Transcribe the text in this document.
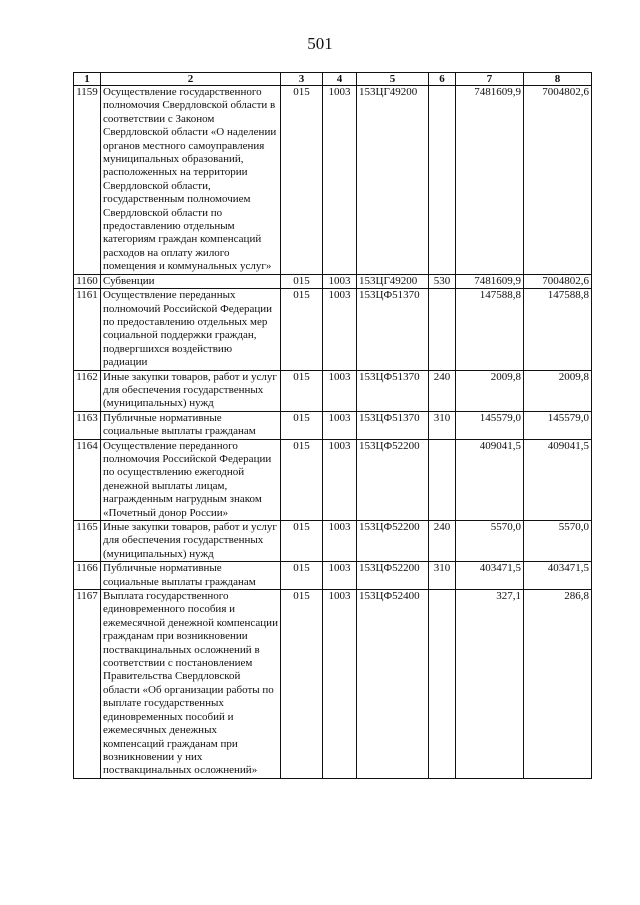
501
1	2	3	4	5	6	7	8
1159	Осуществление государственного полномочия Свердловской области в соответствии с Законом Свердловской области «О наделении органов местного самоуправления муниципальных образований, расположенных на территории Свердловской области, государственным полномочием Свердловской области по предоставлению отдельным категориям граждан компенсаций расходов на оплату жилого помещения и коммунальных услуг»	015	1003	153ЦГ49200		7481609,9	7004802,6
1160	Субвенции	015	1003	153ЦГ49200	530	7481609,9	7004802,6
1161	Осуществление переданных полномочий Российской Федерации по предоставлению отдельных мер социальной поддержки граждан, подвергшихся воздействию радиации	015	1003	153ЦФ51370		147588,8	147588,8
1162	Иные закупки товаров, работ и услуг для обеспечения государственных (муниципальных) нужд	015	1003	153ЦФ51370	240	2009,8	2009,8
1163	Публичные нормативные социальные выплаты гражданам	015	1003	153ЦФ51370	310	145579,0	145579,0
1164	Осуществление переданного полномочия Российской Федерации по осуществлению ежегодной денежной выплаты лицам, награжденным нагрудным знаком «Почетный донор России»	015	1003	153ЦФ52200		409041,5	409041,5
1165	Иные закупки товаров, работ и услуг для обеспечения государственных (муниципальных) нужд	015	1003	153ЦФ52200	240	5570,0	5570,0
1166	Публичные нормативные социальные выплаты гражданам	015	1003	153ЦФ52200	310	403471,5	403471,5
1167	Выплата государственного единовременного пособия и ежемесячной денежной компенсации гражданам при возникновении поствакцинальных осложнений в соответствии с постановлением Правительства Свердловской области «Об организации работы по выплате государственных единовременных пособий и ежемесячных денежных компенсаций гражданам при возникновении у них поствакцинальных осложнений»	015	1003	153ЦФ52400		327,1	286,8
